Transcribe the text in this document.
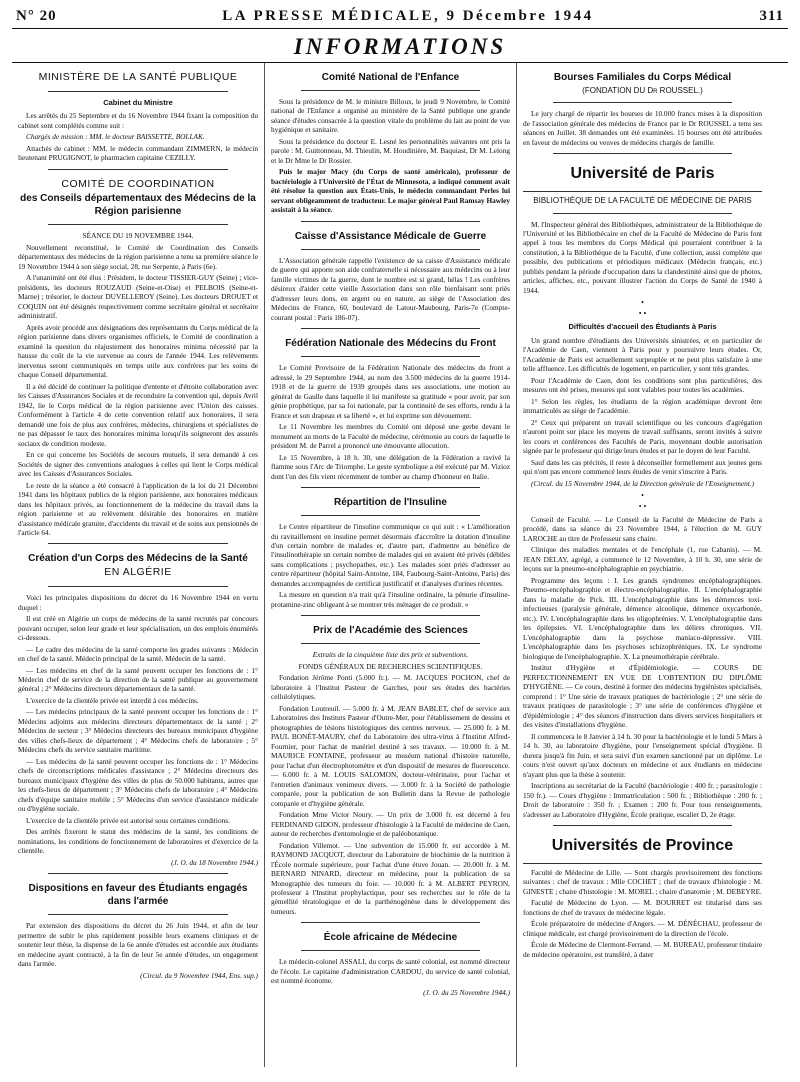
N° 20	LA PRESSE MÉDICALE, 9 Décembre 1944	311
INFORMATIONS
MINISTÈRE DE LA SANTÉ PUBLIQUE
Cabinet du Ministre

Les arrêtés du 25 Septembre et du 16 Novembre 1944 fixant la composition du cabinet sont complétés comme suit :

Chargés de mission : MM. le docteur BAISSETTE, BOLLAK.

Attachés de cabinet : MM. le médecin commandant ZIMMERN, le médecin lieutenant PRUGIGNOT, le pharmacien capitaine CEZILLY.

COMITÉ DE COORDINATION
des Conseils départementaux des Médecins de la Région parisienne

SÉANCE DU 19 NOVEMBRE 1944.

Nouvellement reconstitué, le Comité de Coordination des Conseils départementaux des médecins de la région parisienne a tenu sa première séance le 19 Novembre 1944 à son siège social, 28, rue Serpente, à Paris (6e).

A l'unanimité ont été élus : Président, le docteur TISSIER-GUY (Seine) ; vice-présidents, les docteurs ROUZAUD (Seine-et-Oise) et PELBOIS (Seine-et-Marne) ; trésorier, le docteur DUVELLEROY (Seine). Les docteurs DROUET et COQUIN ont été désignés respectivement comme secrétaire général et secrétaire administratif.

Après avoir procédé aux désignations des représentants du Corps médical de la région parisienne dans divers organismes officiels, le Comité de coordination a examiné la question du réajustement des honoraires minima nécessité par la hausse du coût de la vie survenue au cours de l'année 1944. Les relèvements inervenus seront communiqués en temps utile aux confrères par les soins de chaque Conseil départemental.

Il a été décidé de continuer la politique d'entente et d'étroite collaboration avec les Caisses d'Assurances Sociales et de reconduire la convention qui, depuis Avril 1942, lie le Corps médical de la région parisienne avec l'Union des caisses. Conformément à l'article 4 de cette convention relatif aux honoraires, il sera demandé une fois de plus aux confrères, médecins, chirurgiens et spécialistes de ne pas dépasser le taux des honoraires minima lorsqu'ils soigneront des assurés sociaux de condition modeste.

En ce qui concerne les Sociétés de secours mutuels, il sera demandé à ces Sociétés de signer des conventions analogues à celles qui lient le Corps médical avec les Caisses d'Assurances Sociales.

Le reste de la séance a été consacré à l'application de la loi du 21 Décembre 1941 dans les hôpitaux publics de la région parisienne, aux honoraires médicaux dans les hôpitaux privés, au fonctionnement de la médecine du travail dans la région parisienne et au relèvement désirable des honoraires en matière d'assistance médicale gratuite, d'accidents du travail et de soins aux pensionnés de l'article 64.

Création d'un Corps des Médecins de la Santé
EN ALGÉRIE

Voici les principales dispositions du décret du 16 Novembre 1944 en vertu duquel :

Il est créé en Algérie un corps de médecins de la santé recrutés par concours pouvant occuper, selon leur grade et leur spécialisation, un des emplois énumérés ci-dessous.

— Le cadre des médecins de la santé comporte les grades suivants : Médecin en chef de la santé. Médecin principal de la santé. Médecin de la santé.

— Les médecins en chef de la santé peuvent occuper les fonctions de : 1° Médecin chef de service de la direction de la santé publique au gouvernement général ; 2° Médecins directeurs départementaux de la santé.

L'exercice de la clientèle privée est interdit à ces médecins.

— Les médecins principaux de la santé peuvent occuper les fonctions de : 1° Médecins adjoints aux médecins directeurs départementaux de la santé ; 2° Médecins de secteur ; 3° Médecins directeurs des bureaux municipaux d'hygiène des villes chefs-lieux de département ; 4° Médecins chefs de laboratoire ; 5° Médecins chefs du service sanitaire maritime.

— Les médecins de la santé peuvent occuper les fonctions de : 1° Médecins chefs de circonscriptions médicales d'assistance ; 2° Médecins directeurs des bureaux municipaux d'hygiène des villes de plus de 50.000 habitants, autres que les chefs-lieux de département ; 3° Médecins chefs de laboratoire ; 4° Médecins chefs d'équipe sanitaire mobile ; 5° Médecins d'un service d'assistance médicale ou d'hygiène sociale.

L'exercice de la clientèle privée est autorisé sous certaines conditions.

Des arrêtés fixeront le statut des médecins de la santé, les conditions de nominations, les conditions de fonctionnement de laboratoires et d'exercice de la clientèle.

(J. O. du 18 Novembre 1944.)

Dispositions en faveur des Étudiants engagés dans l'armée

Par extension des dispositions du décret du 26 Juin 1944, et afin de leur permettre de subir le plus rapidement possible leurs examens cliniques et de soutenir leur thèse, la dispense de la 6e année d'études est accordée aux étudiants en médecine ayant contracté, à la fin de leur 5e année d'études, un engagement dans l'armée.

(Circul. du 9 Novembre 1944, Ens. sup.)

Comité National de l'Enfance

Sous la présidence de M. le ministre Billoux, le jeudi 9 Novembre, le Comité national de l'Enfance a organisé au ministère de la Santé publique une grande séance d'études consacrée à la question vitale du problème du lait au point de vue hygiénique et sanitaire.

Sous la présidence du docteur E. Lesné les personnalités suivantes ont pris la parole : M. Guittonneau, M. Thieulin, M. Houdinière, M. Baquiast, Dr M. Lelong et le Dr Mme le Dr Rossier.

Puis le major Macy (du Corps de santé américain), professeur de bactériologie à l'Université de l'État de Minnesota, a indiqué comment avait été résolue la question aux États-Unis, le médecin commandant Perles lui servant obligeamment de traducteur. Le major général Paul Ramsay Hawley assistait à la séance.

Caisse d'Assistance Médicale de Guerre

L'Association générale rappelle l'existence de sa caisse d'Assistance médicale de guerre qui apporte son aide confraternelle si nécessaire aux médecins ou à leur famille victimes de la guerre, dont le nombre est si grand, hélas ! Les confrères désireux d'aider cette vieille Association dans son rôle bienfaisant sont priés d'adresser leurs dons, en argent ou en nature, au siège de l'Association des Médecins de France, 60, boulevard de Latour-Maubourg, Paris-7e (Compte-courant postal : Paris 186-07).

Fédération Nationale des Médecins du Front

Le Comité Provisoire de la Fédération Nationale des médecins du front a adressé, le 29 Septembre 1944, au nom des 3.500 médecins de la guerre 1914-1918 et de la guerre de 1939 groupés dans ses associations, une motion au général de Gaulle dans laquelle il lui manifeste sa gratitude « pour avoir, par son génie prophétique, par sa foi nationale, par la continuité de ses efforts, rendu à la France et son drapeau et sa liberté », et lui exprime son dévouement.

Le 11 Novembre les membres du Comité ont déposé une gerbe devant le monument au morts de la Faculté de médecine, cérémonie au cours de laquelle le président M. de Parrel a prononcé une émouvante allocution.

Le 15 Novembre, à 18 h. 30, une délégation de la Fédération a ravivé la flamme sous l'Arc de Triomphe. Le geste symbolique a été exécuté par M. Vizioz dont l'un des fils vient récemment de tomber au champ d'honneur en Italie.

Répartition de l'Insuline

Le Centre répartiteur de l'insuline communique ce qui suit : « L'amélioration du ravitaillement en insuline permet désormais d'accroître la dotation d'insuline d'un certain nombre de malades et, d'autre part, d'admettre au bénéfice de l'insulinothérapie un certain nombre de malades qui en avaient été privés (débiles sans complications ; psychopathes, etc.). Les malades sont priés d'adresser au centre répartiteur (hôpital Saint-Antoine, 184, Faubourg-Saint-Antoine, Paris) des demandes accompagnées de certificat justificatif et d'analyses d'urines récentes.

La mesure en question n'a trait qu'à l'insuline ordinaire, la pénurie d'insuline-protamine-zinc obligeant à se montrer très ménager de ce produit. »

Prix de l'Académie des Sciences

Extraits de la cinquième liste des prix et subventions.

FONDS GÉNÉRAUX DE RECHERCHES SCIENTIFIQUES.

Fondation Jérôme Ponti (5.000 fr.). — M. JACQUES POCHON, chef de laboratoire à l'Institut Pasteur de Garches, pour ses études des bactéries cellulolytiques.

Fondation Loutreuil. — 5.000 fr. à M. JEAN BABLET, chef de service aux Laboratoires des Instituts Pasteur d'Outre-Mer, pour l'établissement de dessins et photographies de lésions histologiques des centres nerveux. — 25.000 fr. à M. PAUL BONÉT-MAURY, chef du Laboratoire des ultra-virus à l'Institut Alfred-Fournier, pour l'achat de matériel destiné à ses travaux. — 10.000 fr. à M. MAURICE FONTAINE, professeur au muséum national d'histoire naturelle, pour l'achat d'un électrophotomètre et d'un dispositif de mesures de fluorescence. — 6.000 fr. à M. LOUIS SALOMON, docteur-vétérinaire, pour l'achat et l'entretien d'animaux venimeux divers. — 3.000 fr. à la Société de pathologie comparée, pour la publication de son Bulletin dans la Revue de pathologie comparée et d'hygiène générale.

Fondation Mme Victor Noury. — Un prix de 3.000 fr. est décerné à feu FERDINAND GIDON, professeur d'histologie à la Faculté de médecine de Caen, auteur de recherches d'entomologie et de paléobotanique.

Fondation Villemot. — Une subvention de 15.000 fr. est accordée à M. RAYMOND JACQUOT, directeur du Laboratoire de biochimie de la nutrition à l'École normale supérieure, pour l'achat d'une étuve Jouan. — 20.000 fr. à M. BERNARD NINARD, directeur en médecine, pour la publication de sa Monographie des tumeurs du foie. — 10.000 fr. à M. ALBERT PEYRON, professeur à l'Institut prophylactique, pour ses recherches sur le rôle de la gémellité tératologique et de la parthénogénèse dans le développement des tumeurs.

École africaine de Médecine

Le médecin-colonel ASSALI, du corps de santé colonial, est nommé directeur de l'école. Le capitaine d'administration CARDOU, du service de santé colonial, est nommé économe.

(J. O. du 25 Novembre 1944.)

Bourses Familiales du Corps Médical
(FONDATION DU Dr ROUSSEL.)

Le jury chargé de répartir les bourses de 10.000 francs mises à la disposition de l'association générale des médecins de France par le Dr ROUSSEL a tenu ses séances en Juillet. 38 demandes ont été examinées. 15 bourses ont été attribuées en faveur de médecins ou veuves de médecins chargés de famille.

Université de Paris
BIBLIOTHÈQUE DE LA FACULTÉ DE MÉDECINE DE PARIS

M. l'Inspecteur général des Bibliothèques, administrateur de la Bibliothèque de l'Université et les Bibliothécaire en chef de la Faculté de Médecine de Paris font appel à tous les membres du Corps Médical qui pourraient contribuer à la constitution, à la Bibliothèque de la Faculté, d'une collection, aussi complète que possible, des publications et périodiques médicaux (Médecin français, etc.) publiés pendant la période d'occupation dans la clandestinité ainsi que de photos, articles, affiches, etc., pouvant illustrer l'action du Corps de Santé de 1940 à 1944.

•
• •
Difficultés d'accueil des Étudiants à Paris

Un grand nombre d'étudiants des Universités sinistrées, et en particulier de l'Académie de Caen, viennent à Paris pour y poursuivre leurs études. Or, l'Académie de Paris est actuellement surpeuplée et ne peut plus satisfaire à une telle affluence. Les difficultés de logement, en particulier, y sont très grandes.

Pour l'Académie de Caen, dont les conditions sont plus particulières, des mesures ont été prises, mesures qui sont valables pour toutes les académies.

1° Selon les règles, les étudiants de la région académique devront être immatriculés au siège de l'académie.

2° Ceux qui préparent un travail scientifique ou les concours d'agrégation n'auront point sur place les moyens de travail suffisants, seront invités à suivre les cours et conférences des Facultés de Paris, moyennant double autorisation signée par le professeur qui dirige leurs études et par le doyen de leur Faculté.

Sauf dans les cas précités, il reste à déconseiller formellement aux jeunes gens qui n'ont pas encore commencé leurs études de venir s'inscrire à Paris.

(Circul. du 15 Novembre 1944, de la Direction générale de l'Enseignement.)

•
• •

Conseil de Faculté. — Le Conseil de la Faculté de Médecine de Paris a procédé, dans sa séance du 23 Novembre 1944, à l'élection de M. GUY LAROCHE au titre de Professeur sans chaire.

Clinique des maladies mentales et de l'encéphale (1, rue Cabanis). — M. JEAN DELAY, agrégé, a commencé le 12 Novembre, à 10 h. 30, une série de leçons sur la pneumo-encéphalographie en psychiatrie.

Programme des leçons : I. Les grands syndromes encéphalographiques. Pneumo-encéphalographie et électro-encéphalographie. II. L'encéphalographie dans la maladie de Pick. III. L'encéphalographie dans les démences toxi-infectieuses (paralysie générale, démence alcoolique, démence oxycarbonée, etc.). IV. L'encéphalographie dans les oligophrénies. V. L'encéphalographie dans les épilepsies. VI. L'encéphalographie dans les délires chroniques. VII. L'encéphalographie dans la psychose maniaco-dépressive. VIII. L'encéphalographie dans les psychoses schizophréniques. IX. Le syndrome biologique de l'encéphalographie. X. La pneumothérapie cérébrale.

Institut d'Hygiène et d'Épidémiologie. — COURS DE PERFECTIONNEMENT EN VUE DE L'OBTENTION DU DIPLÔME D'HYGIÈNE. — Ce cours, destiné à former des médecins hygiénistes spécialisés, comprend : 1° Une série de travaux pratiques de bactériologie ; 2° une série de travaux pratiques de parasitologie ; 3° une série de conférences d'hygiène et d'épidémiologie ; 4° des séances d'instruction dans divers services hospitaliers et des visites d'installations d'hygiène.

Il commencera le 8 Janvier à 14 h. 30 pour la bactériologie et le lundi 5 Mars à 14 h. 30, au laboratoire d'hygiène, pour l'enseignement spécial d'hygiène. Il durera jusqu'à fin Juin, et sera suivi d'un examen sanctionné par un diplôme. Le cours n'est ouvert qu'aux docteurs en médecine et aux étudiants en médecine n'ayant plus que la thèse à soutenir.

Inscriptions au secrétariat de la Faculté (bactériologie : 400 fr. ; parasitologie : 150 fr.). — Cours d'hygiène : Immatriculation : 500 fr. ; Bibliothèque : 200 fr. ; Droit de laboratoire : 350 fr. ; Examen : 200 fr. Pour tous renseignements, s'adresser au Laboratoire d'Hygiène, École pratique, escalier D, 2e étage.

Universités de Province

Faculté de Médecine de Lille. — Sont chargés provisoirement des fonctions suivantes : chef de travaux : Mlle COCHET ; chef de travaux d'histologie : M. GINESTE ; chaire d'histologie : M. MOREL ; chaire d'anatomie : M. DEBEYRE.

Faculté de Médecine de Lyon. — M. BOURRET est titularisé dans ses fonctions de chef de travaux de médecine légale.

École préparatoire de médecine d'Angers. — M. DÉNÉCHAU, professeur de clinique médicale, est chargé provisoirement de la direction de l'école.

École de Médecine de Clermont-Ferrand. — M. BUREAU, professeur titulaire de médecine opératoire, est transféré, à dater
